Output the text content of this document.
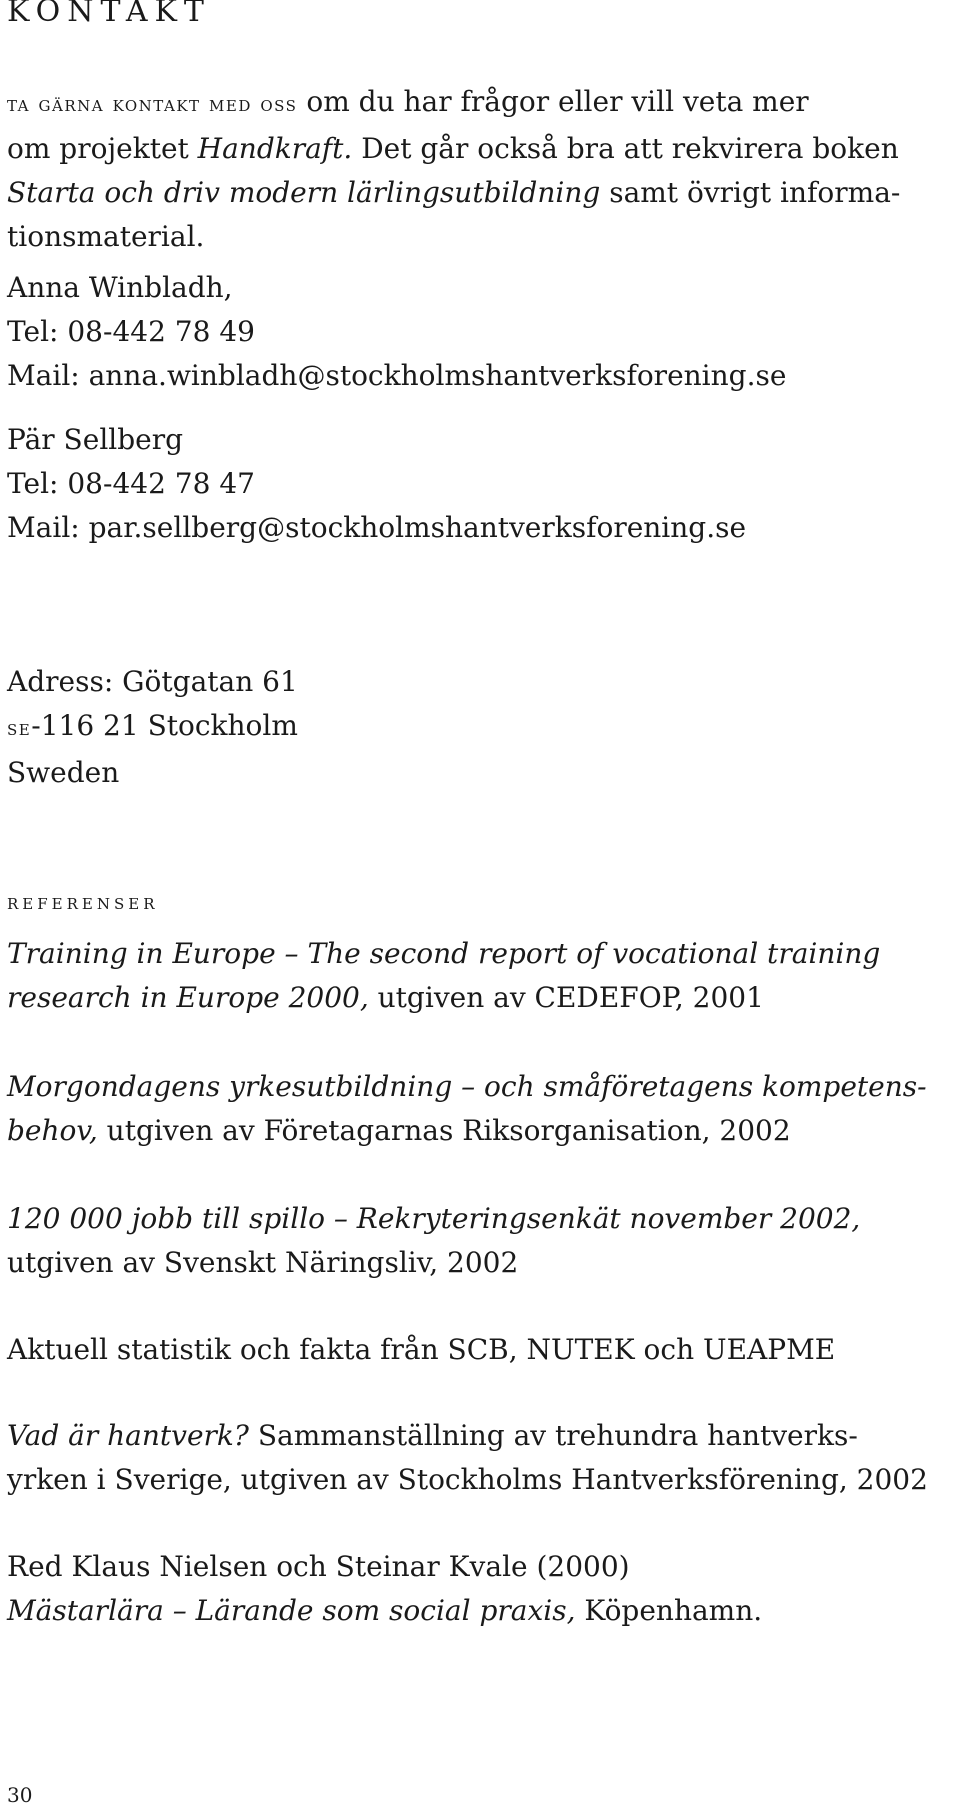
KONTAKT

ta gärna kontakt med oss om du har frågor eller vill veta mer
om projektet Handkraft. Det går också bra att rekvirera boken
Starta och driv modern lärlingsutbildning samt övrigt informa-
tionsmaterial.

Anna Winbladh,
Tel: 08-442 78 49
Mail: anna.winbladh@stockholmshantverksforening.se

Pär Sellberg
Tel: 08-442 78 47
Mail: par.sellberg@stockholmshantverksforening.se

Adress: Götgatan 61
se-116 21 Stockholm
Sweden

referenser

Training in Europe – The second report of vocational training
research in Europe 2000, utgiven av CEDEFOP, 2001

Morgondagens yrkesutbildning – och småföretagens kompetens-
behov, utgiven av Företagarnas Riksorganisation, 2002

120 000 jobb till spillo – Rekryteringsenkät november 2002,
utgiven av Svenskt Näringsliv, 2002

Aktuell statistik och fakta från SCB, NUTEK och UEAPME

Vad är hantverk? Sammanställning av trehundra hantverks-
yrken i Sverige, utgiven av Stockholms Hantverksförening, 2002

Red Klaus Nielsen och Steinar Kvale (2000)
Mästarlära – Lärande som social praxis, Köpenhamn.

30
